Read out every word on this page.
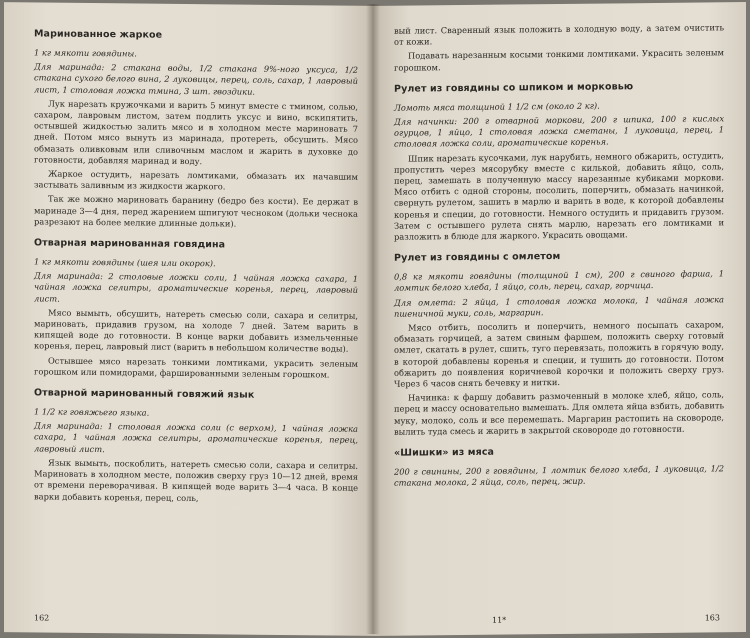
Маринованное жаркое

1 кг мякоти говядины.

Для маринада: 2 стакана воды, 1/2 стакана 9%-ного уксуса, 1/2 стакана сухого белого вина, 2 луковицы, перец, соль, сахар, 1 лавровый лист, 1 столовая ложка тмина, 3 шт. гвоздики.

Лук нарезать кружочками и варить 5 минут вместе с тмином, солью, сахаром, лавровым листом, затем подлить уксус и вино, вскипятить, остывшей жидкостью залить мясо и в холодном месте мариновать 7 дней. Потом мясо вынуть из маринада, протереть, обсушить. Мясо обмазать оливковым или сливочным маслом и жарить в духовке до готовности, добавляя маринад и воду.

Жаркое остудить, нарезать ломтиками, обмазать их начавшим застывать заливным из жидкости жаркого.

Так же можно мариновать баранину (бедро без кости). Ее держат в маринаде 3—4 дня, перед жарением шпигуют чесноком (дольки чеснока разрезают на более мелкие длинные дольки).

Отварная маринованная говядина

1 кг мякоти говядины (шея или окорок).

Для маринада: 2 столовые ложки соли, 1 чайная ложка сахара, 1 чайная ложка селитры, ароматические коренья, перец, лавровый лист.

Мясо вымыть, обсушить, натереть смесью соли, сахара и селитры, мариновать, придавив грузом, на холоде 7 дней. Затем варить в кипящей воде до готовности. В конце варки добавить измельченные коренья, перец, лавровый лист (варить в небольшом количестве воды).

Остывшее мясо нарезать тонкими ломтиками, украсить зеленым горошком или помидорами, фаршированными зеленым горошком.

Отварной маринованный говяжий язык

1 1/2 кг говяжьего языка.

Для маринада: 1 столовая ложка соли (с верхом), 1 чайная ложка сахара, 1 чайная ложка селитры, ароматические коренья, перец, лавровый лист.

Язык вымыть, поскоблить, натереть смесью соли, сахара и селитры. Мариновать в холодном месте, положив сверху груз 10—12 дней, время от времени переворачивая. В кипящей воде варить 3—4 часа. В конце варки добавить коренья, перец, соль,

162

вый лист. Сваренный язык положить в холодную воду, а затем очистить от кожи.

Подавать нарезанным косыми тонкими ломтиками. Украсить зеленым горошком.

Рулет из говядины со шпиком и морковью

Ломоть мяса толщиной 1 1/2 см (около 2 кг).

Для начинки: 200 г отварной моркови, 200 г шпика, 100 г кислых огурцов, 1 яйцо, 1 столовая ложка сметаны, 1 луковица, перец, 1 столовая ложка соли, ароматические коренья.

Шпик нарезать кусочками, лук нарубить, немного обжарить, остудить, пропустить через мясорубку вместе с килькой, добавить яйцо, соль, перец, замешать в полученную массу нарезанные кубиками моркови. Мясо отбить с одной стороны, посолить, поперчить, обмазать начинкой, свернуть рулетом, зашить в марлю и варить в воде, к которой добавлены коренья и специи, до готовности. Немного остудить и придавить грузом. Затем с остывшего рулета снять марлю, нарезать его ломтиками и разложить в блюде для жаркого. Украсить овощами.

Рулет из говядины с омлетом

0,8 кг мякоти говядины (толщиной 1 см), 200 г свиного фарша, 1 ломтик белого хлеба, 1 яйцо, соль, перец, сахар, горчица.

Для омлета: 2 яйца, 1 столовая ложка молока, 1 чайная ложка пшеничной муки, соль, маргарин.

Мясо отбить, посолить и поперчить, немного посыпать сахаром, обмазать горчицей, а затем свиным фаршем, положить сверху готовый омлет, скатать в рулет, сшить, туго перевязать, положить в горячую воду, в которой добавлены коренья и специи, и тушить до готовности. Потом обжарить до появления коричневой корочки и положить сверху груз. Через 6 часов снять бечевку и нитки.

Начинка: к фаршу добавить размоченный в молоке хлеб, яйцо, соль, перец и массу основательно вымешать. Для омлета яйца взбить, добавить муку, молоко, соль и все перемешать. Маргарин растопить на сковороде, вылить туда смесь и жарить в закрытой сковороде до готовности.

«Шишки» из мяса

200 г свинины, 200 г говядины, 1 ломтик белого хлеба, 1 луковица, 1/2 стакана молока, 2 яйца, соль, перец, жир.

11*	163
